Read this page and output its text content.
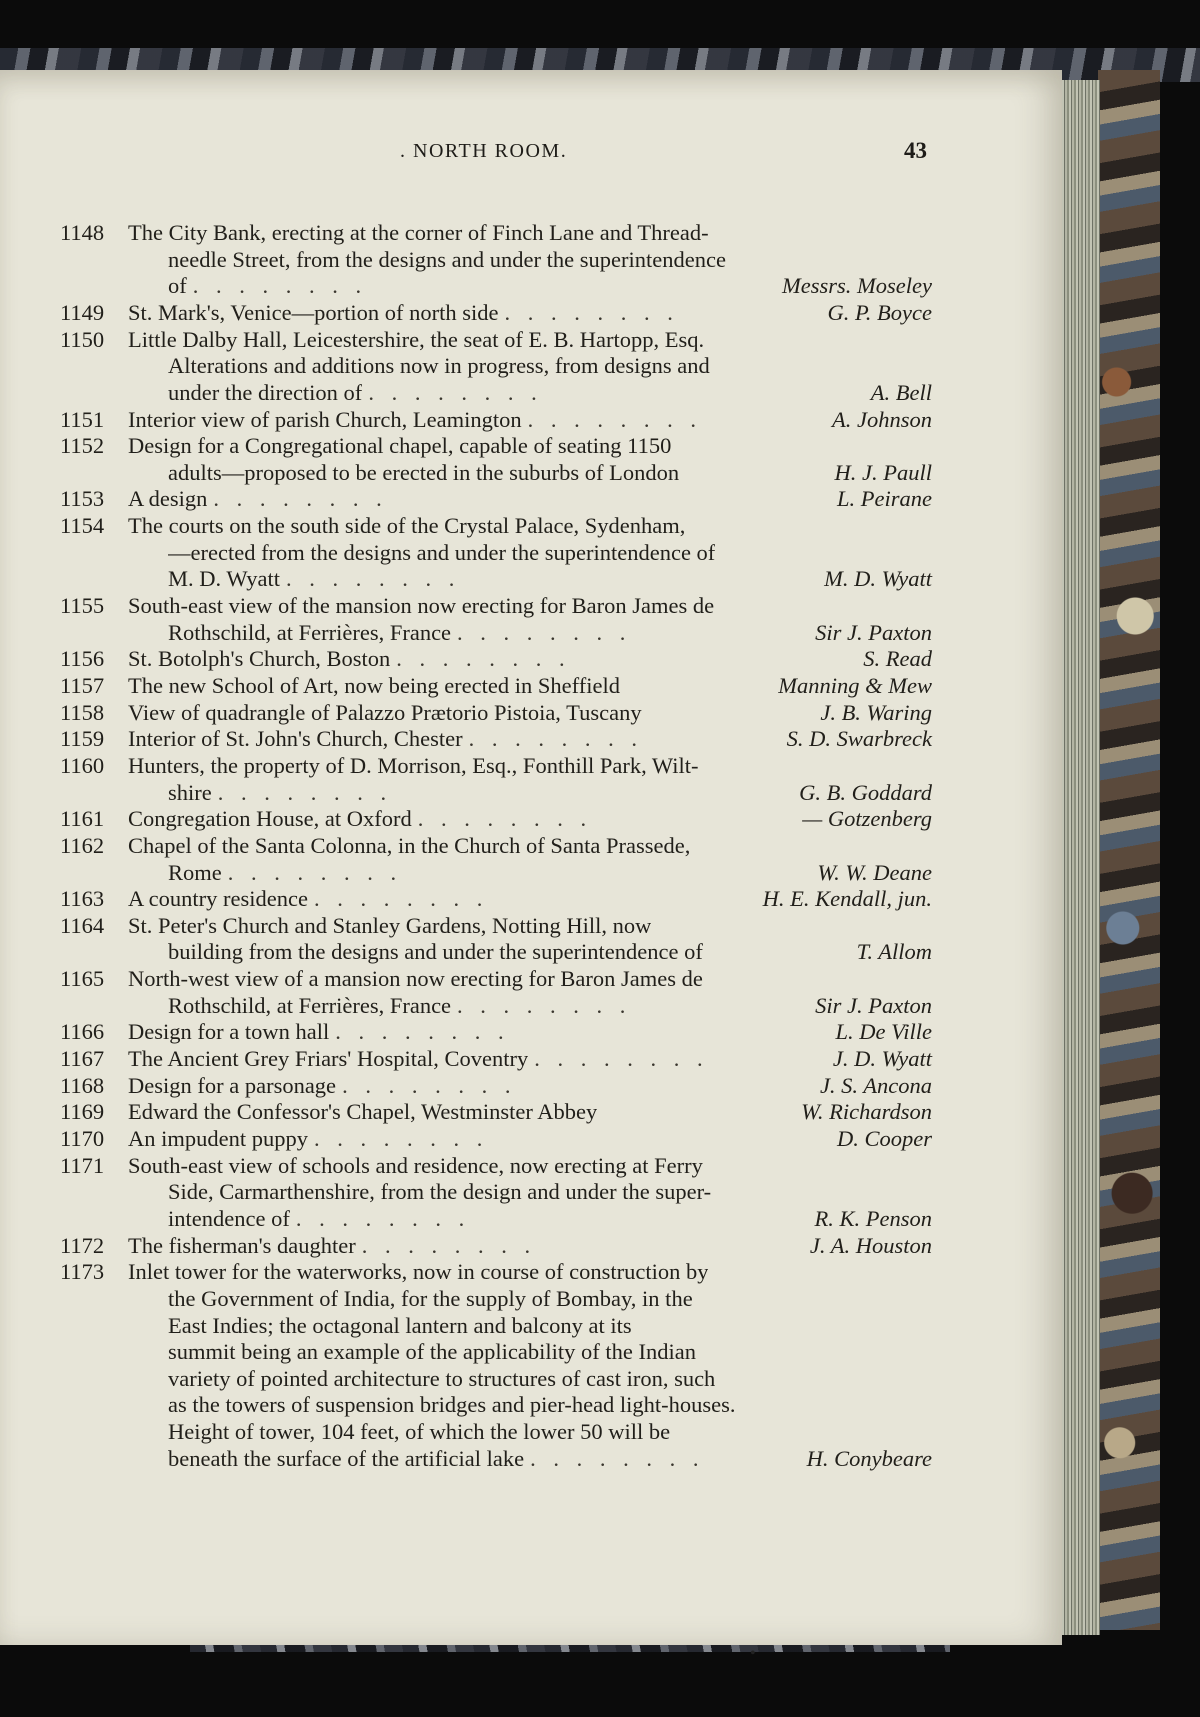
. NORTH ROOM.	43
•
1148	The City Bank, erecting at the corner of Finch Lane and Thread-
needle Street, from the designs and under the superintendence
of . . . . . . . .	Messrs. Moseley
1149	St. Mark's, Venice—portion of north side . . . . . . . .	G. P. Boyce
1150	Little Dalby Hall, Leicestershire, the seat of E. B. Hartopp, Esq.
Alterations and additions now in progress, from designs and
under the direction of . . . . . . . .	A. Bell
1151	Interior view of parish Church, Leamington . . . . . . . .	A. Johnson
1152	Design for a Congregational chapel, capable of seating 1150
adults—proposed to be erected in the suburbs of London	H. J. Paull
1153	A design . . . . . . . .	L. Peirane
1154	The courts on the south side of the Crystal Palace, Sydenham,
—erected from the designs and under the superintendence of
M. D. Wyatt . . . . . . . .	M. D. Wyatt
1155	South-east view of the mansion now erecting for Baron James de
Rothschild, at Ferrières, France . . . . . . . .	Sir J. Paxton
1156	St. Botolph's Church, Boston . . . . . . . .	S. Read
1157	The new School of Art, now being erected in Sheffield	Manning & Mew
1158	View of quadrangle of Palazzo Prætorio Pistoia, Tuscany	J. B. Waring
1159	Interior of St. John's Church, Chester . . . . . . . .	S. D. Swarbreck
1160	Hunters, the property of D. Morrison, Esq., Fonthill Park, Wilt-
shire . . . . . . . .	G. B. Goddard
1161	Congregation House, at Oxford . . . . . . . .	— Gotzenberg
1162	Chapel of the Santa Colonna, in the Church of Santa Prassede,
Rome . . . . . . . .	W. W. Deane
1163	A country residence . . . . . . . .	H. E. Kendall, jun.
1164	St. Peter's Church and Stanley Gardens, Notting Hill, now
building from the designs and under the superintendence of	T. Allom
1165	North-west view of a mansion now erecting for Baron James de
Rothschild, at Ferrières, France . . . . . . . .	Sir J. Paxton
1166	Design for a town hall . . . . . . . .	L. De Ville
1167	The Ancient Grey Friars' Hospital, Coventry . . . . . . . .	J. D. Wyatt
1168	Design for a parsonage . . . . . . . .	J. S. Ancona
1169	Edward the Confessor's Chapel, Westminster Abbey	W. Richardson
1170	An impudent puppy . . . . . . . .	D. Cooper
1171	South-east view of schools and residence, now erecting at Ferry
Side, Carmarthenshire, from the design and under the super-
intendence of . . . . . . . .	R. K. Penson
1172	The fisherman's daughter . . . . . . . .	J. A. Houston
1173	Inlet tower for the waterworks, now in course of construction by
the Government of India, for the supply of Bombay, in the
East Indies; the octagonal lantern and balcony at its
summit being an example of the applicability of the Indian
variety of pointed architecture to structures of cast iron, such
as the towers of suspension bridges and pier-head light-houses.
Height of tower, 104 feet, of which the lower 50 will be
beneath the surface of the artificial lake . . . . . . . .	H. Conybeare
